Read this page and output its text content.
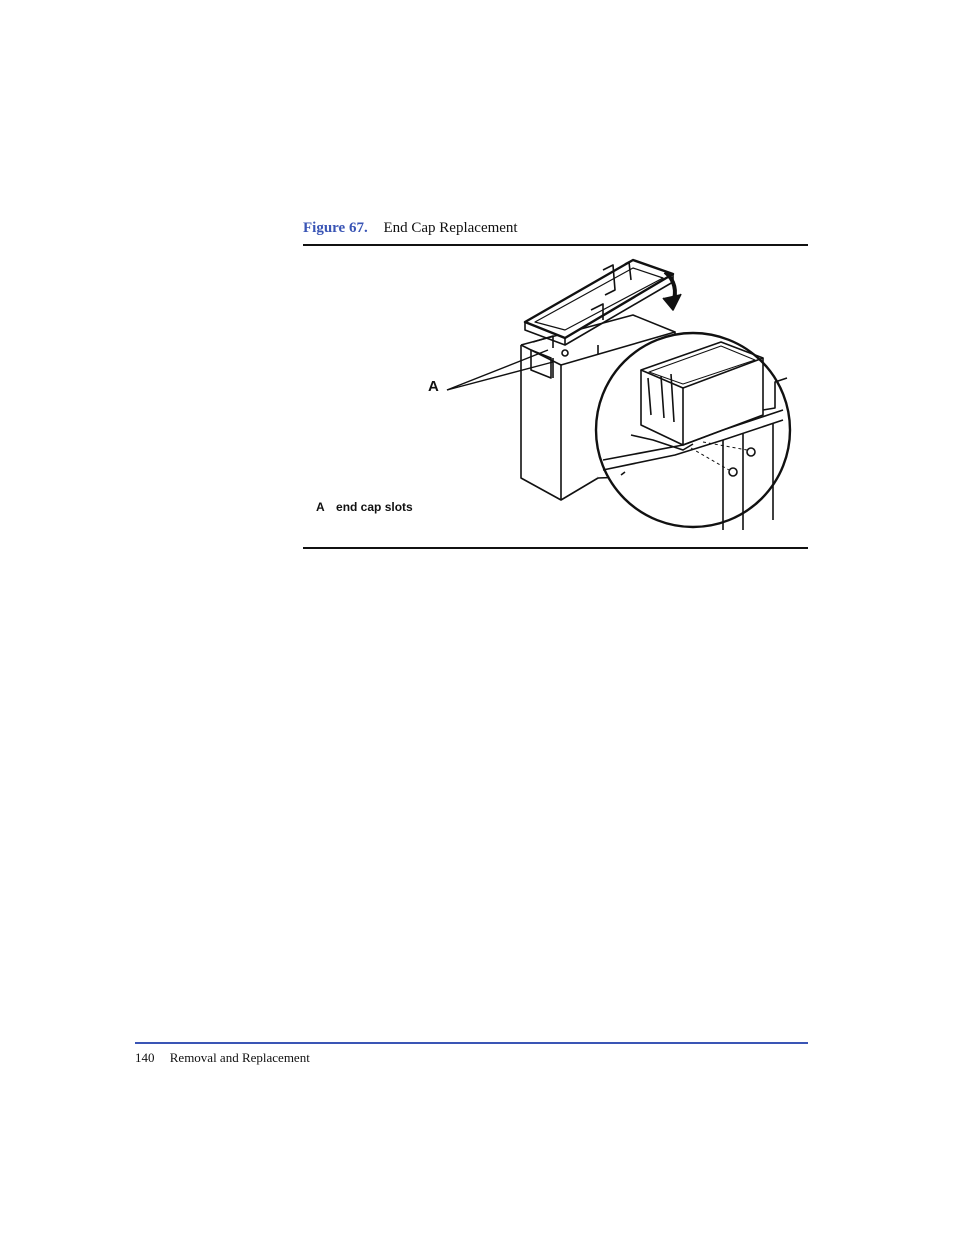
Figure 67. End Cap Replacement
A
A end cap slots
140 Removal and Replacement
